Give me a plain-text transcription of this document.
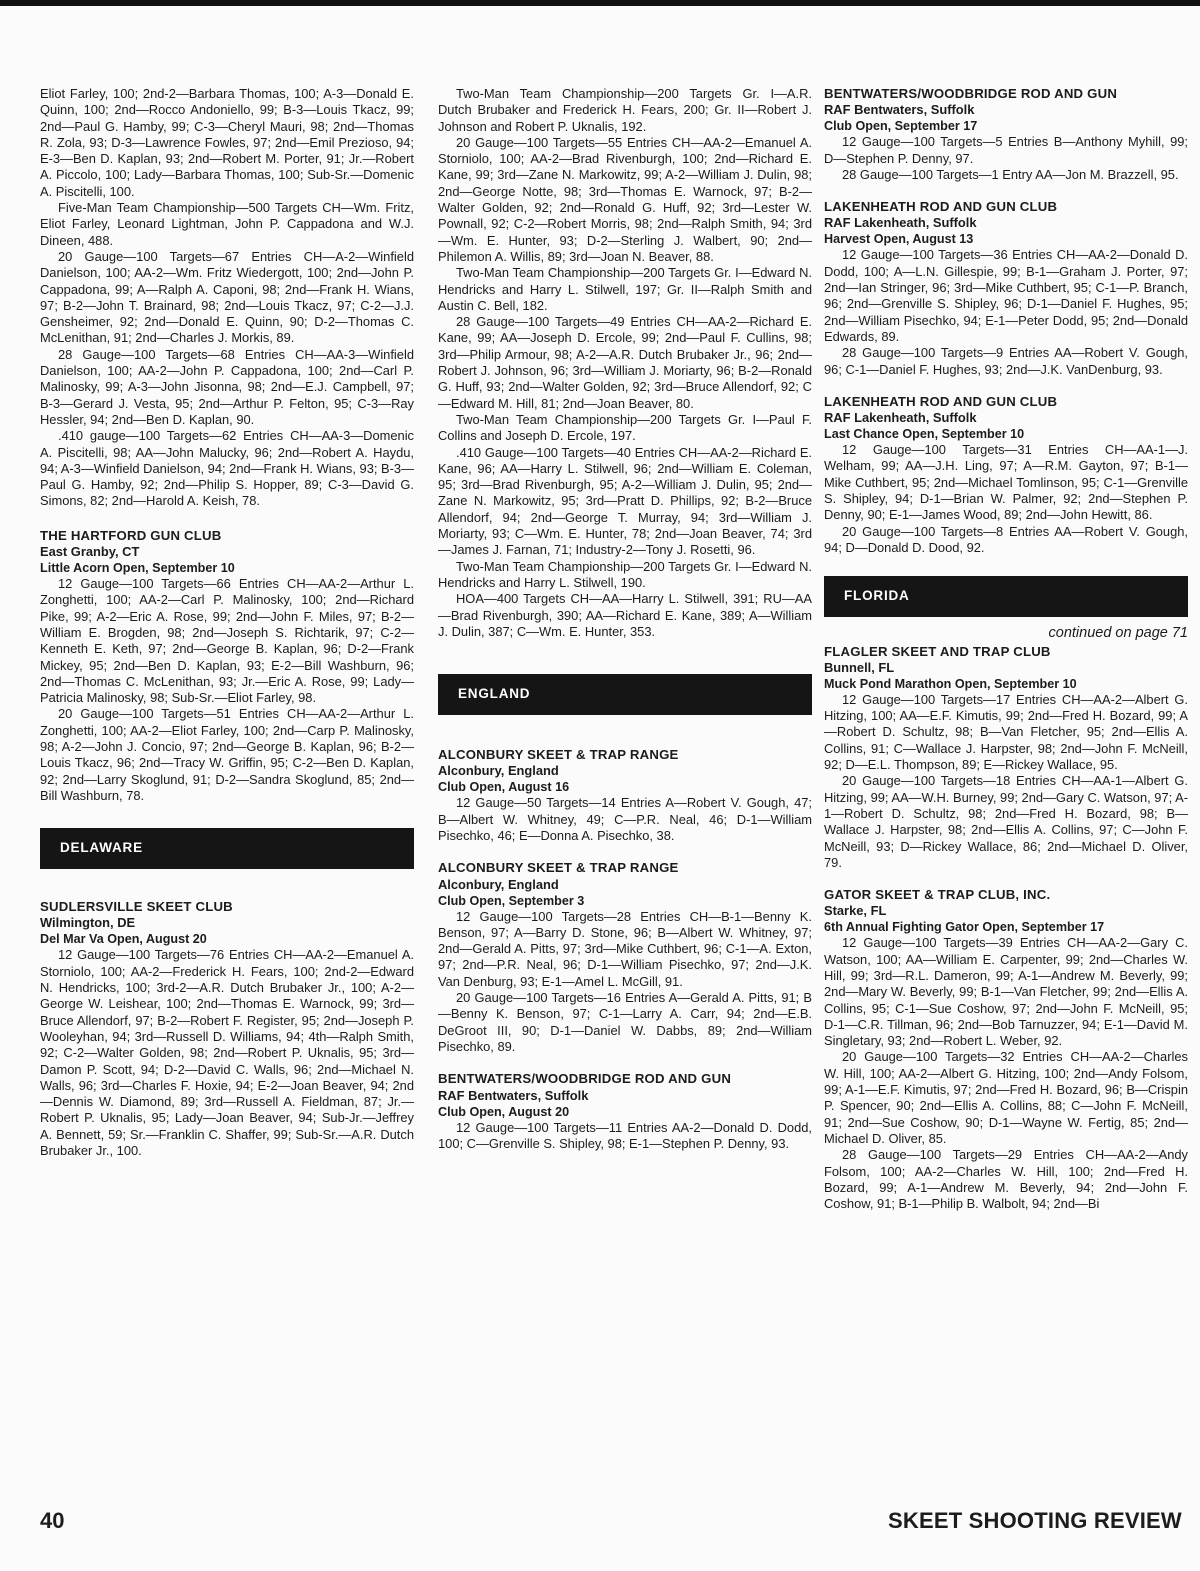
Eliot Farley, 100; 2nd-2—Barbara Thomas, 100; A-3—Donald E. Quinn, 100; 2nd—Rocco Andoniello, 99; B-3—Louis Tkacz, 99; 2nd—Paul G. Hamby, 99; C-3—Cheryl Mauri, 98; 2nd—Thomas R. Zola, 93; D-3—Lawrence Fowles, 97; 2nd—Emil Prezioso, 94; E-3—Ben D. Kaplan, 93; 2nd—Robert M. Porter, 91; Jr.—Robert A. Piccolo, 100; Lady—Barbara Thomas, 100; Sub-Sr.—Domenic A. Piscitelli, 100.
Five-Man Team Championship—500 Targets CH—Wm. Fritz, Eliot Farley, Leonard Lightman, John P. Cappadona and W.J. Dineen, 488.
20 Gauge—100 Targets—67 Entries CH—A-2—Winfield Danielson, 100; AA-2—Wm. Fritz Wiedergott, 100; 2nd—John P. Cappadona, 99; A—Ralph A. Caponi, 98; 2nd—Frank H. Wians, 97; B-2—John T. Brainard, 98; 2nd—Louis Tkacz, 97; C-2—J.J. Gensheimer, 92; 2nd—Donald E. Quinn, 90; D-2—Thomas C. McLenithan, 91; 2nd—Charles J. Morkis, 89.
28 Gauge—100 Targets—68 Entries CH—AA-3—Winfield Danielson, 100; AA-2—John P. Cappadona, 100; 2nd—Carl P. Malinosky, 99; A-3—John Jisonna, 98; 2nd—E.J. Campbell, 97; B-3—Gerard J. Vesta, 95; 2nd—Arthur P. Felton, 95; C-3—Ray Hessler, 94; 2nd—Ben D. Kaplan, 90.
.410 gauge—100 Targets—62 Entries CH—AA-3—Domenic A. Piscitelli, 98; AA—John Malucky, 96; 2nd—Robert A. Haydu, 94; A-3—Winfield Danielson, 94; 2nd—Frank H. Wians, 93; B-3—Paul G. Hamby, 92; 2nd—Philip S. Hopper, 89; C-3—David G. Simons, 82; 2nd—Harold A. Keish, 78.
THE HARTFORD GUN CLUB
East Granby, CT
Little Acorn Open, September 10
12 Gauge—100 Targets—66 Entries CH—AA-2—Arthur L. Zonghetti, 100; AA-2—Carl P. Malinosky, 100; 2nd—Richard Pike, 99; A-2—Eric A. Rose, 99; 2nd—John F. Miles, 97; B-2—William E. Brogden, 98; 2nd—Joseph S. Richtarik, 97; C-2—Kenneth E. Keth, 97; 2nd—George B. Kaplan, 96; D-2—Frank Mickey, 95; 2nd—Ben D. Kaplan, 93; E-2—Bill Washburn, 96; 2nd—Thomas C. McLenithan, 93; Jr.—Eric A. Rose, 99; Lady—Patricia Malinosky, 98; Sub-Sr.—Eliot Farley, 98.
20 Gauge—100 Targets—51 Entries CH—AA-2—Arthur L. Zonghetti, 100; AA-2—Eliot Farley, 100; 2nd—Carp P. Malinosky, 98; A-2—John J. Concio, 97; 2nd—George B. Kaplan, 96; B-2—Louis Tkacz, 96; 2nd—Tracy W. Griffin, 95; C-2—Ben D. Kaplan, 92; 2nd—Larry Skoglund, 91; D-2—Sandra Skoglund, 85; 2nd—Bill Washburn, 78.
DELAWARE
SUDLERSVILLE SKEET CLUB
Wilmington, DE
Del Mar Va Open, August 20
12 Gauge—100 Targets—76 Entries CH—AA-2—Emanuel A. Storniolo, 100; AA-2—Frederick H. Fears, 100; 2nd-2—Edward N. Hendricks, 100; 3rd-2—A.R. Dutch Brubaker Jr., 100; A-2—George W. Leishear, 100; 2nd—Thomas E. Warnock, 99; 3rd—Bruce Allendorf, 97; B-2—Robert F. Register, 95; 2nd—Joseph P. Wooleyhan, 94; 3rd—Russell D. Williams, 94; 4th—Ralph Smith, 92; C-2—Walter Golden, 98; 2nd—Robert P. Uknalis, 95; 3rd—Damon P. Scott, 94; D-2—David C. Walls, 96; 2nd—Michael N. Walls, 96; 3rd—Charles F. Hoxie, 94; E-2—Joan Beaver, 94; 2nd—Dennis W. Diamond, 89; 3rd—Russell A. Fieldman, 87; Jr.—Robert P. Uknalis, 95; Lady—Joan Beaver, 94; Sub-Jr.—Jeffrey A. Bennett, 59; Sr.—Franklin C. Shaffer, 99; Sub-Sr.—A.R. Dutch Brubaker Jr., 100.
Two-Man Team Championship—200 Targets Gr. I—A.R. Dutch Brubaker and Frederick H. Fears, 200; Gr. II—Robert J. Johnson and Robert P. Uknalis, 192.
20 Gauge—100 Targets—55 Entries CH—AA-2—Emanuel A. Storniolo, 100; AA-2—Brad Rivenburgh, 100; 2nd—Richard E. Kane, 99; 3rd—Zane N. Markowitz, 99; A-2—William J. Dulin, 98; 2nd—George Notte, 98; 3rd—Thomas E. Warnock, 97; B-2—Walter Golden, 92; 2nd—Ronald G. Huff, 92; 3rd—Lester W. Pownall, 92; C-2—Robert Morris, 98; 2nd—Ralph Smith, 94; 3rd—Wm. E. Hunter, 93; D-2—Sterling J. Walbert, 90; 2nd—Philemon A. Willis, 89; 3rd—Joan N. Beaver, 88.
Two-Man Team Championship—200 Targets Gr. I—Edward N. Hendricks and Harry L. Stilwell, 197; Gr. II—Ralph Smith and Austin C. Bell, 182.
28 Gauge—100 Targets—49 Entries CH—AA-2—Richard E. Kane, 99; AA—Joseph D. Ercole, 99; 2nd—Paul F. Cullins, 98; 3rd—Philip Armour, 98; A-2—A.R. Dutch Brubaker Jr., 96; 2nd—Robert J. Johnson, 96; 3rd—William J. Moriarty, 96; B-2—Ronald G. Huff, 93; 2nd—Walter Golden, 92; 3rd—Bruce Allendorf, 92; C—Edward M. Hill, 81; 2nd—Joan Beaver, 80.
Two-Man Team Championship—200 Targets Gr. I—Paul F. Collins and Joseph D. Ercole, 197.
.410 Gauge—100 Targets—40 Entries CH—AA-2—Richard E. Kane, 96; AA—Harry L. Stilwell, 96; 2nd—William E. Coleman, 95; 3rd—Brad Rivenburgh, 95; A-2—William J. Dulin, 95; 2nd—Zane N. Markowitz, 95; 3rd—Pratt D. Phillips, 92; B-2—Bruce Allendorf, 94; 2nd—George T. Murray, 94; 3rd—William J. Moriarty, 93; C—Wm. E. Hunter, 78; 2nd—Joan Beaver, 74; 3rd—James J. Farnan, 71; Industry-2—Tony J. Rosetti, 96.
Two-Man Team Championship—200 Targets Gr. I—Edward N. Hendricks and Harry L. Stilwell, 190.
HOA—400 Targets CH—AA—Harry L. Stilwell, 391; RU—AA—Brad Rivenburgh, 390; AA—Richard E. Kane, 389; A—William J. Dulin, 387; C—Wm. E. Hunter, 353.
ENGLAND
ALCONBURY SKEET & TRAP RANGE
Alconbury, England
Club Open, August 16
12 Gauge—50 Targets—14 Entries A—Robert V. Gough, 47; B—Albert W. Whitney, 49; C—P.R. Neal, 46; D-1—William Pisechko, 46; E—Donna A. Pisechko, 38.
ALCONBURY SKEET & TRAP RANGE
Alconbury, England
Club Open, September 3
12 Gauge—100 Targets—28 Entries CH—B-1—Benny K. Benson, 97; A—Barry D. Stone, 96; B—Albert W. Whitney, 97; 2nd—Gerald A. Pitts, 97; 3rd—Mike Cuthbert, 96; C-1—A. Exton, 97; 2nd—P.R. Neal, 96; D-1—William Pisechko, 97; 2nd—J.K. Van Denburg, 93; E-1—Amel L. McGill, 91.
20 Gauge—100 Targets—16 Entries A—Gerald A. Pitts, 91; B—Benny K. Benson, 97; C-1—Larry A. Carr, 94; 2nd—E.B. DeGroot III, 90; D-1—Daniel W. Dabbs, 89; 2nd—William Pisechko, 89.
BENTWATERS/WOODBRIDGE ROD AND GUN
RAF Bentwaters, Suffolk
Club Open, August 20
12 Gauge—100 Targets—11 Entries AA-2—Donald D. Dodd, 100; C—Grenville S. Shipley, 98; E-1—Stephen P. Denny, 93.
BENTWATERS/WOODBRIDGE ROD AND GUN
RAF Bentwaters, Suffolk
Club Open, September 17
12 Gauge—100 Targets—5 Entries B—Anthony Myhill, 99; D—Stephen P. Denny, 97.
28 Gauge—100 Targets—1 Entry AA—Jon M. Brazzell, 95.
LAKENHEATH ROD AND GUN CLUB
RAF Lakenheath, Suffolk
Harvest Open, August 13
12 Gauge—100 Targets—36 Entries CH—AA-2—Donald D. Dodd, 100; A—L.N. Gillespie, 99; B-1—Graham J. Porter, 97; 2nd—Ian Stringer, 96; 3rd—Mike Cuthbert, 95; C-1—P. Branch, 96; 2nd—Grenville S. Shipley, 96; D-1—Daniel F. Hughes, 95; 2nd—William Pisechko, 94; E-1—Peter Dodd, 95; 2nd—Donald Edwards, 89.
28 Gauge—100 Targets—9 Entries AA—Robert V. Gough, 96; C-1—Daniel F. Hughes, 93; 2nd—J.K. VanDenburg, 93.
LAKENHEATH ROD AND GUN CLUB
RAF Lakenheath, Suffolk
Last Chance Open, September 10
12 Gauge—100 Targets—31 Entries CH—AA-1—J. Welham, 99; AA—J.H. Ling, 97; A—R.M. Gayton, 97; B-1—Mike Cuthbert, 95; 2nd—Michael Tomlinson, 95; C-1—Grenville S. Shipley, 94; D-1—Brian W. Palmer, 92; 2nd—Stephen P. Denny, 90; E-1—James Wood, 89; 2nd—John Hewitt, 86.
20 Gauge—100 Targets—8 Entries AA—Robert V. Gough, 94; D—Donald D. Dood, 92.
FLORIDA
continued on page 71
FLAGLER SKEET AND TRAP CLUB
Bunnell, FL
Muck Pond Marathon Open, September 10
12 Gauge—100 Targets—17 Entries CH—AA-2—Albert G. Hitzing, 100; AA—E.F. Kimutis, 99; 2nd—Fred H. Bozard, 99; A—Robert D. Schultz, 98; B—Van Fletcher, 95; 2nd—Ellis A. Collins, 91; C—Wallace J. Harpster, 98; 2nd—John F. McNeill, 92; D—E.L. Thompson, 89; E—Rickey Wallace, 95.
20 Gauge—100 Targets—18 Entries CH—AA-1—Albert G. Hitzing, 99; AA—W.H. Burney, 99; 2nd—Gary C. Watson, 97; A-1—Robert D. Schultz, 98; 2nd—Fred H. Bozard, 98; B—Wallace J. Harpster, 98; 2nd—Ellis A. Collins, 97; C—John F. McNeill, 93; D—Rickey Wallace, 86; 2nd—Michael D. Oliver, 79.
GATOR SKEET & TRAP CLUB, INC.
Starke, FL
6th Annual Fighting Gator Open, September 17
12 Gauge—100 Targets—39 Entries CH—AA-2—Gary C. Watson, 100; AA—William E. Carpenter, 99; 2nd—Charles W. Hill, 99; 3rd—R.L. Dameron, 99; A-1—Andrew M. Beverly, 99; 2nd—Mary W. Beverly, 99; B-1—Van Fletcher, 99; 2nd—Ellis A. Collins, 95; C-1—Sue Coshow, 97; 2nd—John F. McNeill, 95; D-1—C.R. Tillman, 96; 2nd—Bob Tarnuzzer, 94; E-1—David M. Singletary, 93; 2nd—Robert L. Weber, 92.
20 Gauge—100 Targets—32 Entries CH—AA-2—Charles W. Hill, 100; AA-2—Albert G. Hitzing, 100; 2nd—Andy Folsom, 99; A-1—E.F. Kimutis, 97; 2nd—Fred H. Bozard, 96; B—Crispin P. Spencer, 90; 2nd—Ellis A. Collins, 88; C—John F. McNeill, 91; 2nd—Sue Coshow, 90; D-1—Wayne W. Fertig, 85; 2nd—Michael D. Oliver, 85.
28 Gauge—100 Targets—29 Entries CH—AA-2—Andy Folsom, 100; AA-2—Charles W. Hill, 100; 2nd—Fred H. Bozard, 99; A-1—Andrew M. Beverly, 94; 2nd—John F. Coshow, 91; B-1—Philip B. Walbolt, 94; 2nd—Bi
40	SKEET SHOOTING REVIEW
